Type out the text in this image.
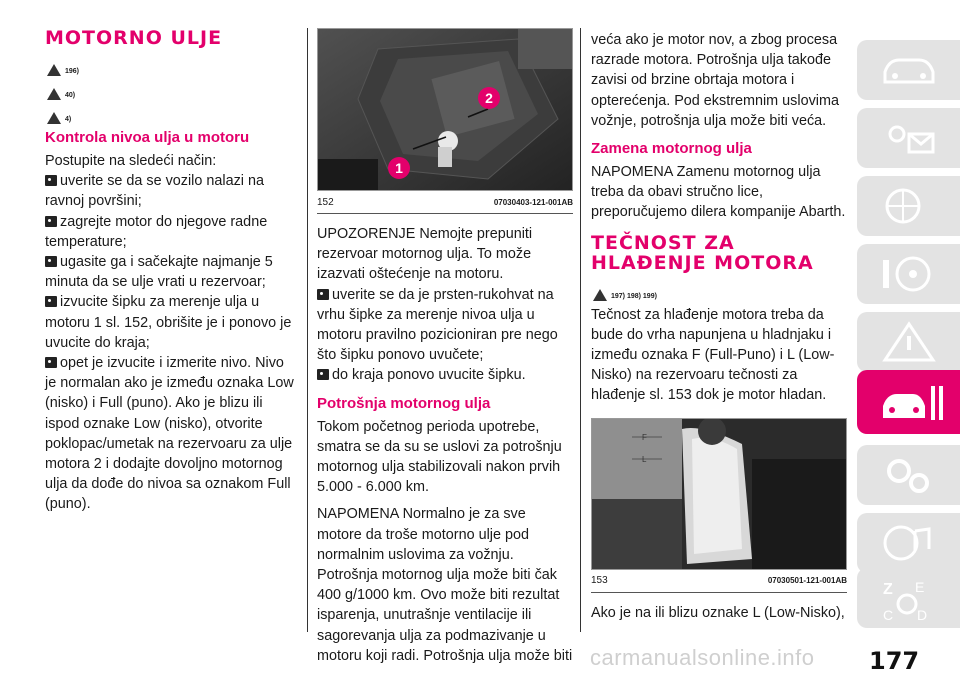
MOTORNO ULJE
196)
40)
4)
Kontrola nivoa ulja u motoru

Postupite na sledeći način:

uverite se da se vozilo nalazi na ravnoj površini;

zagrejte motor do njegove radne temperature;

ugasite ga i sačekajte najmanje 5 minuta da se ulje vrati u rezervoar;

izvucite šipku za merenje ulja u motoru 1 sl. 152, obrišite je i ponovo je uvucite do kraja;

opet je izvucite i izmerite nivo. Nivo je normalan ako je između oznaka Low (nisko) i Full (puno). Ako je blizu ili ispod oznake Low (nisko), otvorite poklopac/umetak na rezervoaru za ulje motora 2 i dodajte dovoljno motornog ulja da dođe do nivoa sa oznakom Full (puno).

2
1
152	07030403-121-001AB

UPOZORENJE Nemojte prepuniti rezervoar motornog ulja. To može izazvati oštećenje na motoru.

uverite se da je prsten-rukohvat na vrhu šipke za merenje nivoa ulja u motoru pravilno pozicioniran pre nego što šipku ponovo uvučete;

do kraja ponovo uvucite šipku.

Potrošnja motornog ulja

Tokom početnog perioda upotrebe, smatra se da su se uslovi za potrošnju motornog ulja stabilizovali nakon prvih 5.000 - 6.000 km.

NAPOMENA Normalno je za sve motore da troše motorno ulje pod normalnim uslovima za vožnju. Potrošnja motornog ulja može biti čak 400 g/1000 km. Ovo može biti rezultat isparenja, unutrašnje ventilacije ili sagorevanja ulja za podmazivanje u motoru koji radi. Potrošnja ulja može biti

veća ako je motor nov, a zbog procesa razrade motora. Potrošnja ulja takođe zavisi od brzine obrtaja motora i opterećenja. Pod ekstremnim uslovima vožnje, potrošnja ulja može biti veća.

Zamena motornog ulja

NAPOMENA Zamenu motornog ulja treba da obavi stručno lice, preporučujemo dilera kompanije Abarth.

TEČNOST ZA HLAĐENJE MOTORA
197) 198) 199)

Tečnost za hlađenje motora treba da bude do vrha napunjena u hladnjaku i između oznaka F (Full-Puno) i L (Low-Nisko) na rezervoaru tečnosti za hlađenje sl. 153 dok je motor hladan.

F
L
153	07030501-121-001AB

Ako je na ili blizu oznake L (Low-Nisko),

Z E
C D
carmanualsonline.info 177
